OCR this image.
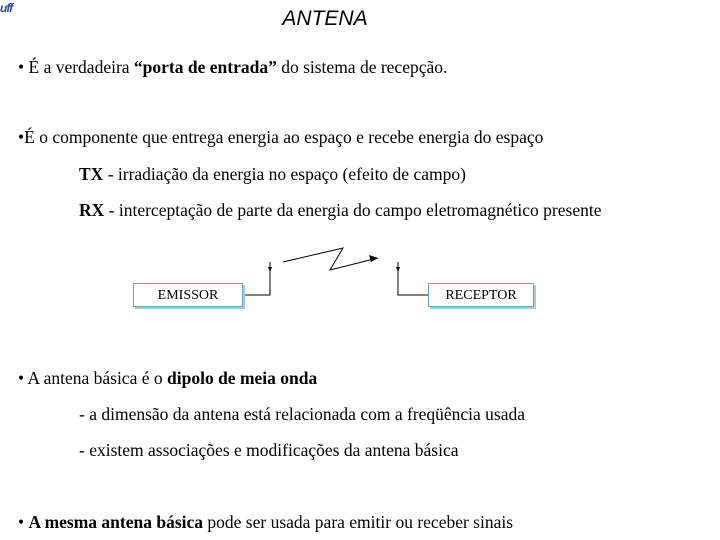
uff	ANTENA
• É a verdadeira “porta de entrada” do sistema de recepção.
•É o componente que entrega energia ao espaço e recebe energia do espaço
TX - irradiação da energia no espaço (efeito de campo)
RX - interceptação de parte da energia do campo eletromagnético presente
EMISSOR	RECEPTOR
• A antena básica é o dipolo de meia onda
- a dimensão da antena está relacionada com a freqüência usada
- existem associações e modificações da antena básica
• A mesma antena básica pode ser usada para emitir ou receber sinais
